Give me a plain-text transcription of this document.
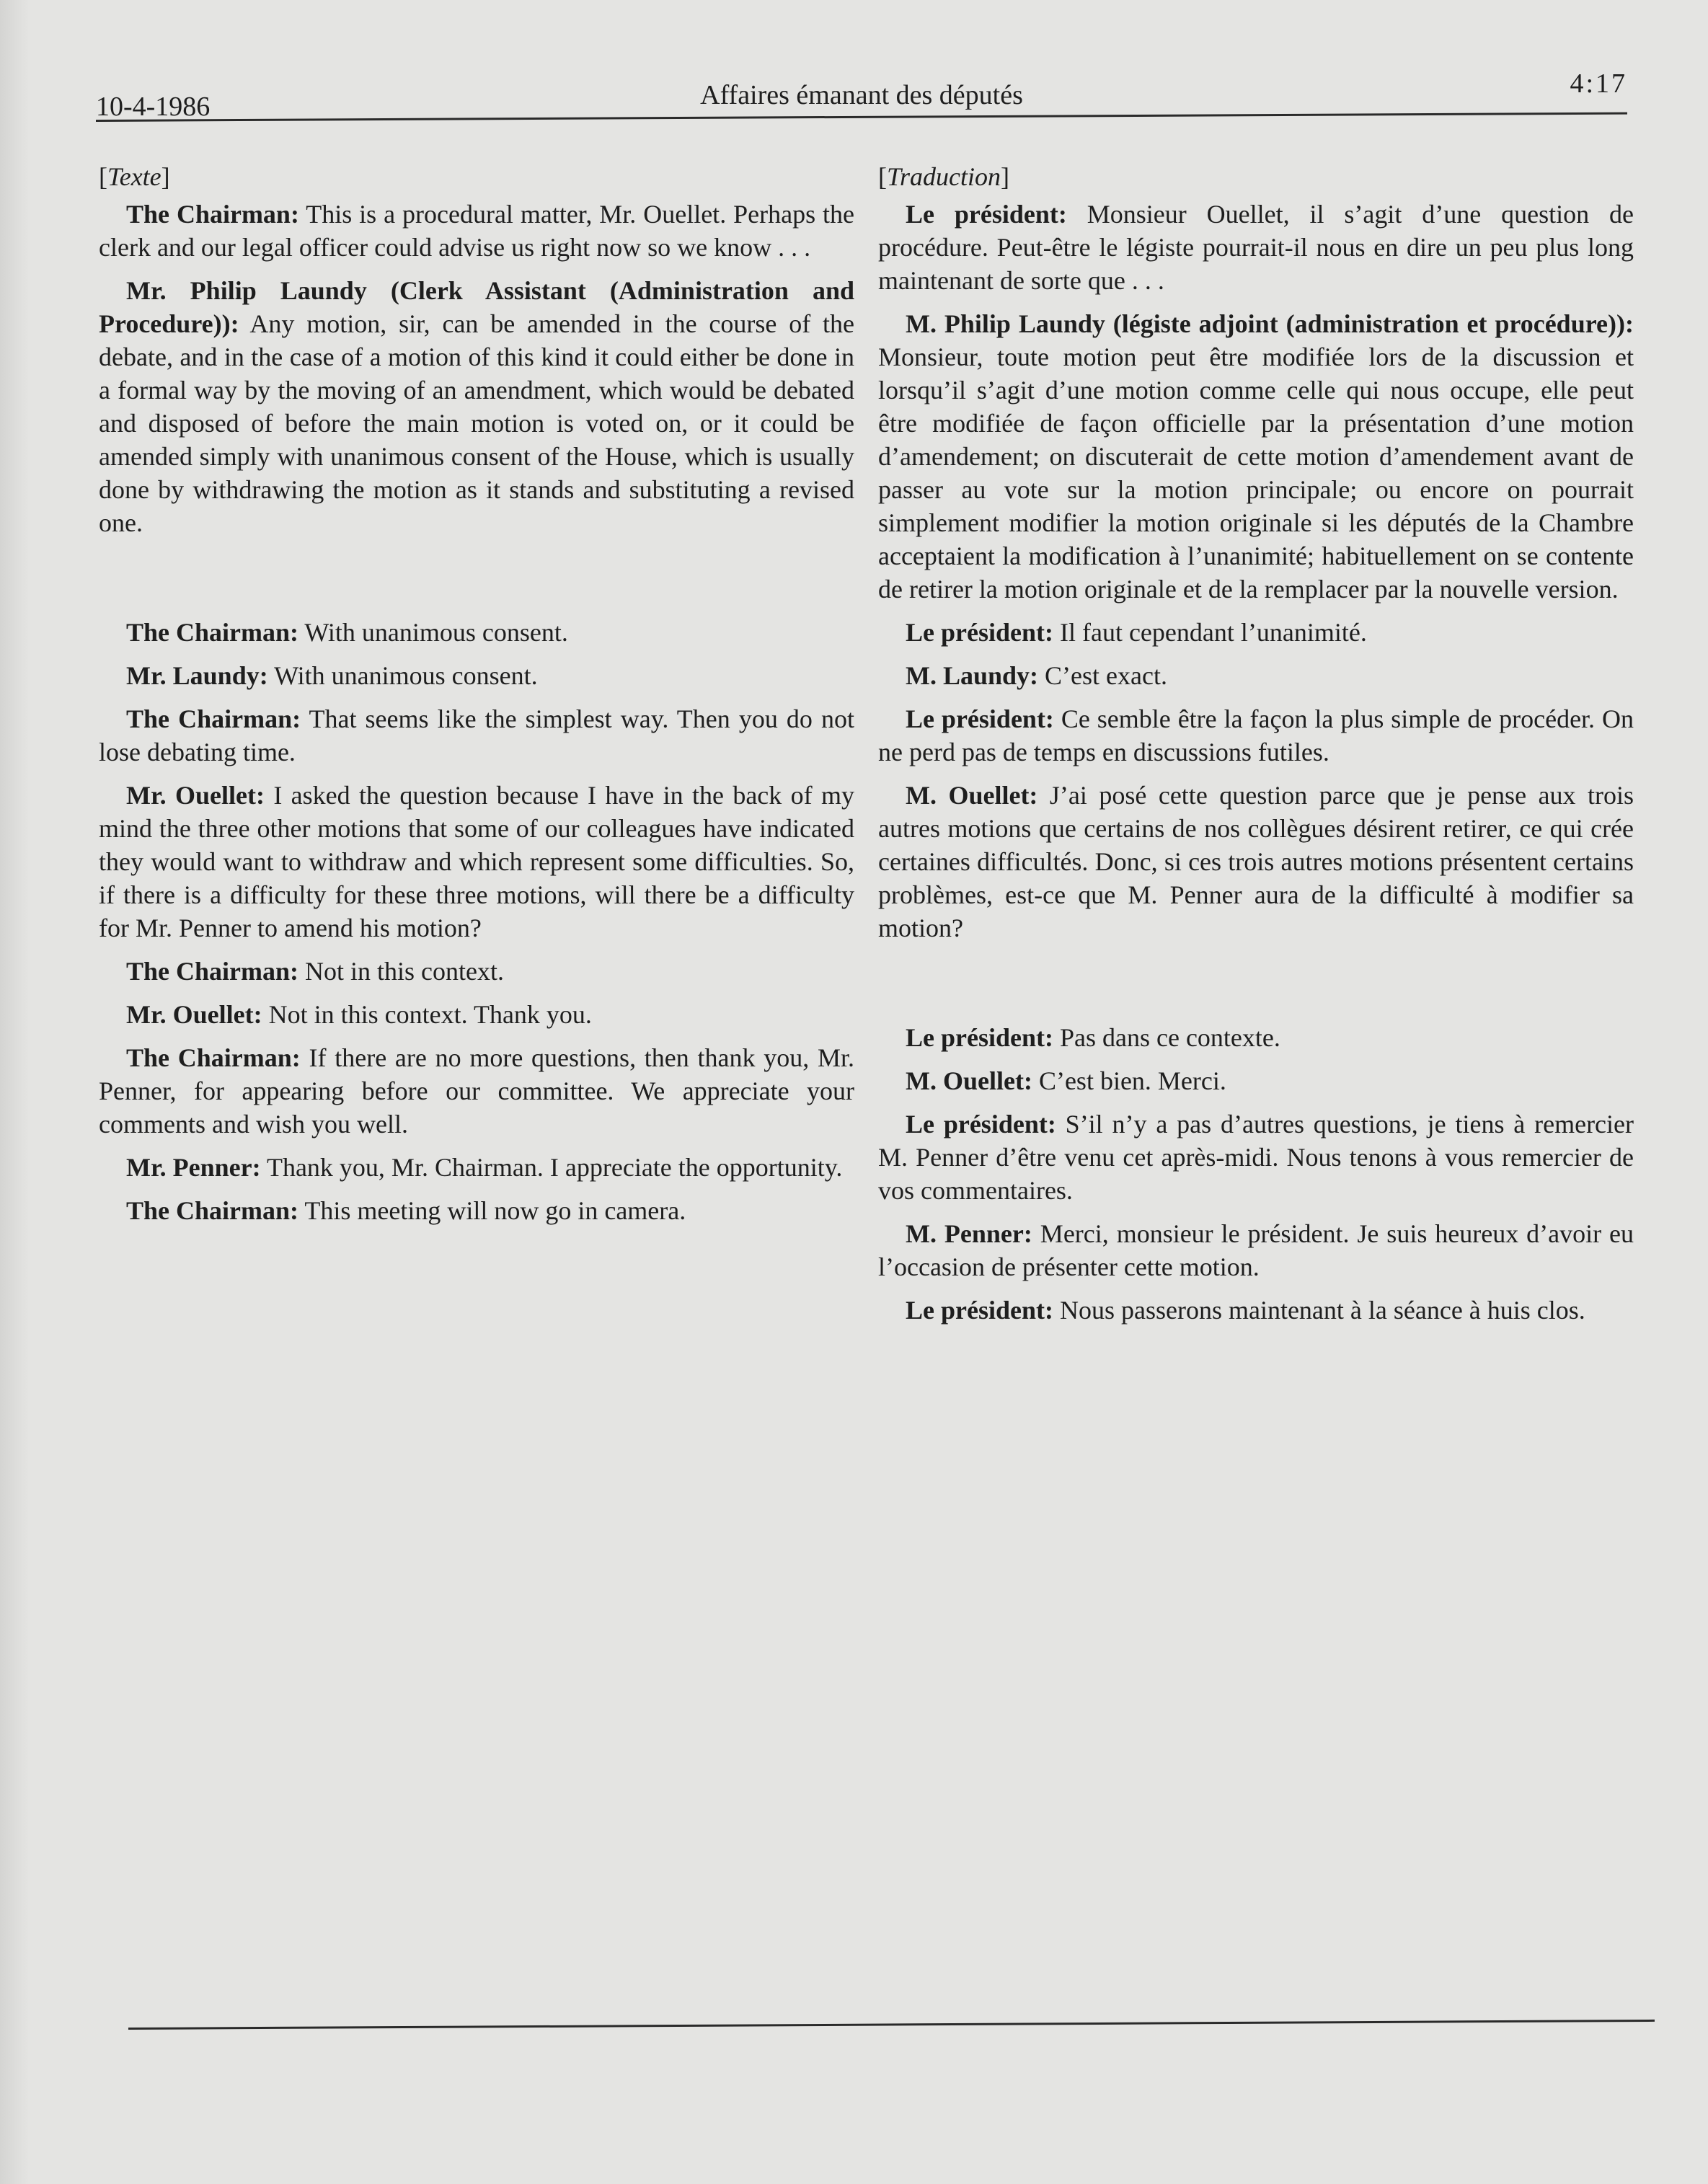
10-4-1986	Affaires émanant des députés	4:17

[Texte]

The Chairman: This is a procedural matter, Mr. Ouellet. Perhaps the clerk and our legal officer could advise us right now so we know . . .

Mr. Philip Laundy (Clerk Assistant (Administration and Procedure)): Any motion, sir, can be amended in the course of the debate, and in the case of a motion of this kind it could either be done in a formal way by the moving of an amendment, which would be debated and disposed of before the main motion is voted on, or it could be amended simply with unanimous consent of the House, which is usually done by withdrawing the motion as it stands and substituting a revised one.

The Chairman: With unanimous consent.

Mr. Laundy: With unanimous consent.

The Chairman: That seems like the simplest way. Then you do not lose debating time.

Mr. Ouellet: I asked the question because I have in the back of my mind the three other motions that some of our colleagues have indicated they would want to withdraw and which represent some difficulties. So, if there is a difficulty for these three motions, will there be a difficulty for Mr. Penner to amend his motion?

The Chairman: Not in this context.

Mr. Ouellet: Not in this context. Thank you.

The Chairman: If there are no more questions, then thank you, Mr. Penner, for appearing before our committee. We appreciate your comments and wish you well.

Mr. Penner: Thank you, Mr. Chairman. I appreciate the opportunity.

The Chairman: This meeting will now go in camera.

[Traduction]

Le président: Monsieur Ouellet, il s’agit d’une question de procédure. Peut-être le légiste pourrait-il nous en dire un peu plus long maintenant de sorte que . . .

M. Philip Laundy (légiste adjoint (administration et procédure)): Monsieur, toute motion peut être modifiée lors de la discussion et lorsqu’il s’agit d’une motion comme celle qui nous occupe, elle peut être modifiée de façon officielle par la présentation d’une motion d’amendement; on discuterait de cette motion d’amendement avant de passer au vote sur la motion principale; ou encore on pourrait simplement modifier la motion originale si les députés de la Chambre acceptaient la modification à l’unanimité; habituellement on se contente de retirer la motion originale et de la remplacer par la nouvelle version.

Le président: Il faut cependant l’unanimité.

M. Laundy: C’est exact.

Le président: Ce semble être la façon la plus simple de procéder. On ne perd pas de temps en discussions futiles.

M. Ouellet: J’ai posé cette question parce que je pense aux trois autres motions que certains de nos collègues désirent retirer, ce qui crée certaines difficultés. Donc, si ces trois autres motions présentent certains problèmes, est-ce que M. Penner aura de la difficulté à modifier sa motion?

Le président: Pas dans ce contexte.

M. Ouellet: C’est bien. Merci.

Le président: S’il n’y a pas d’autres questions, je tiens à remercier M. Penner d’être venu cet après-midi. Nous tenons à vous remercier de vos commentaires.

M. Penner: Merci, monsieur le président. Je suis heureux d’avoir eu l’occasion de présenter cette motion.

Le président: Nous passerons maintenant à la séance à huis clos.
